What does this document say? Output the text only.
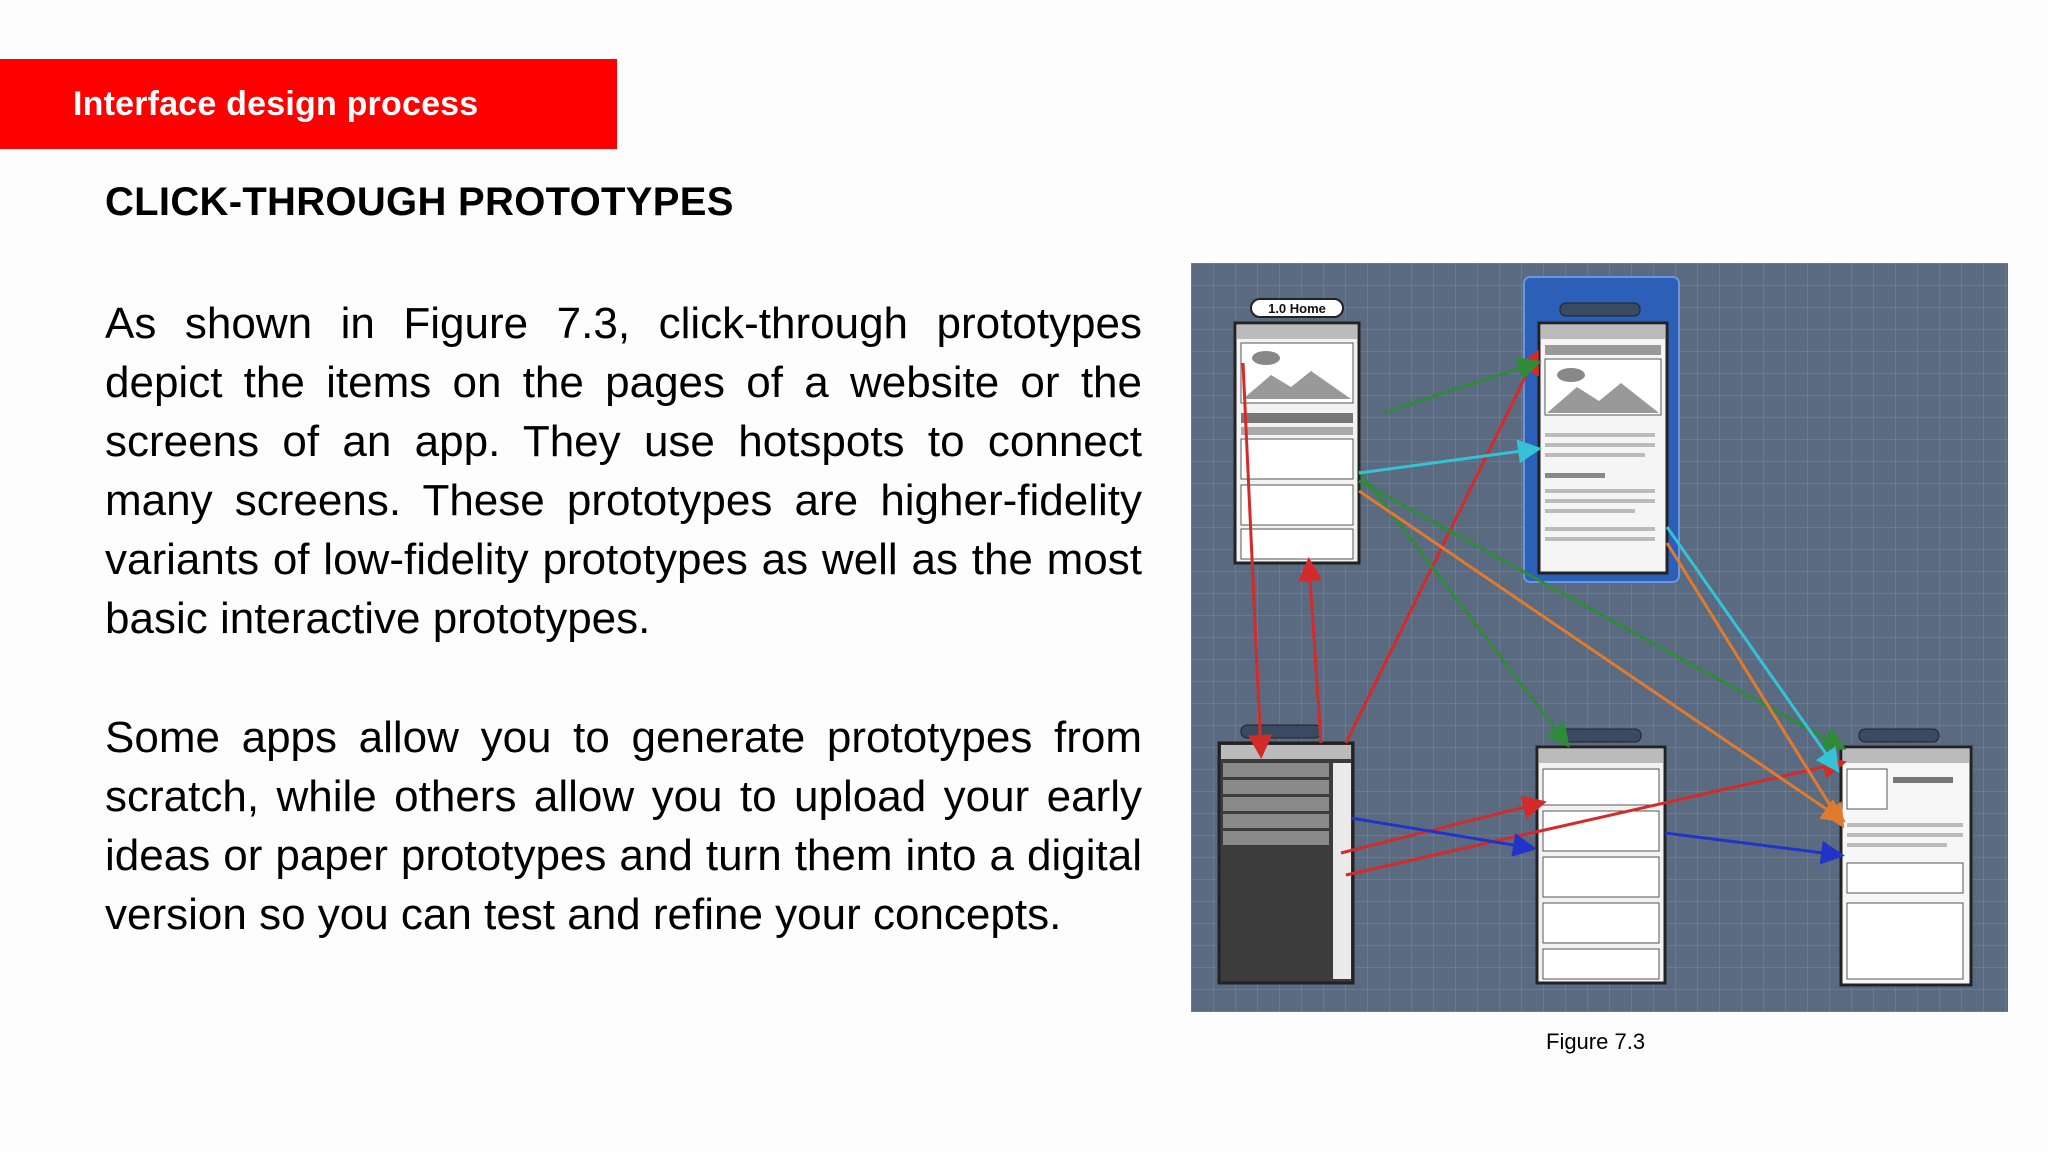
Interface design process
CLICK-THROUGH PROTOTYPES

As shown in Figure 7.3, click-through prototypes depict the items on the pages of a website or the screens of an app. They use hotspots to connect many screens. These prototypes are higher-fidelity variants of low-fidelity prototypes as well as the most basic interactive prototypes.

Some apps allow you to generate prototypes from scratch, while others allow you to upload your early ideas or paper prototypes and turn them into a digital version so you can test and refine your concepts.

1.0 Home
Figure 7.3
